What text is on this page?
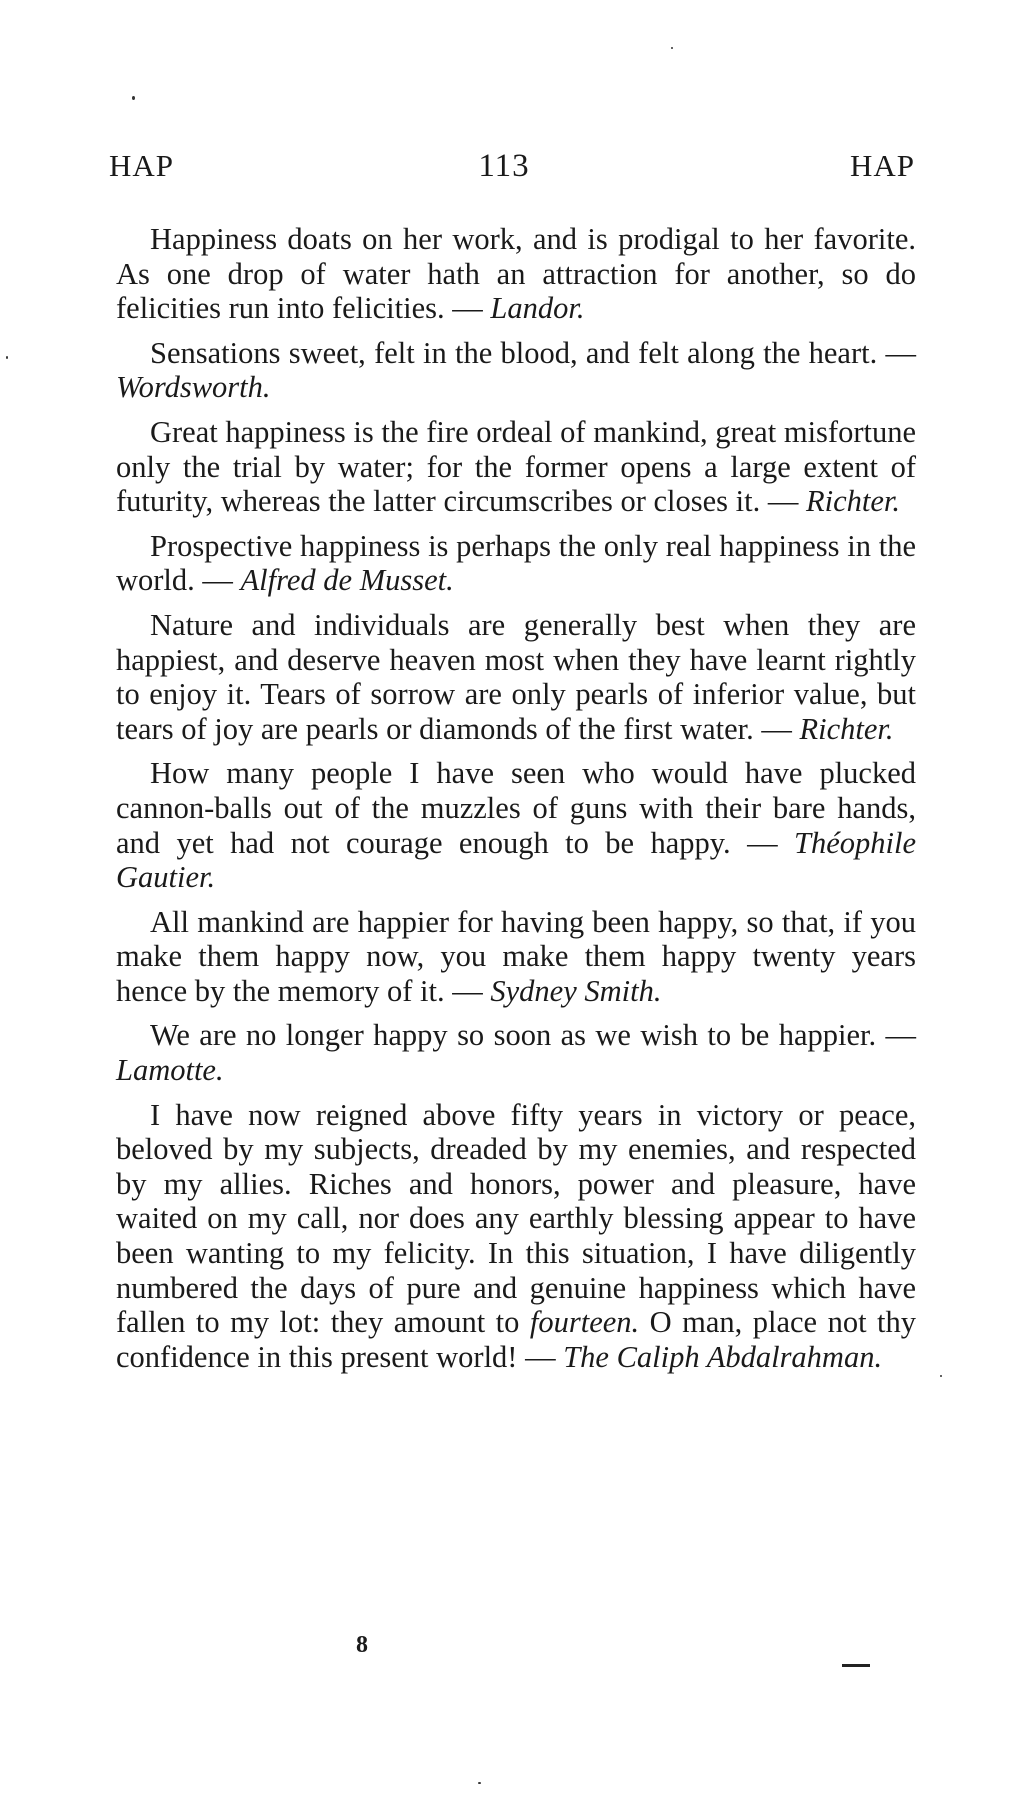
HAP	113	HAP

Happiness doats on her work, and is prodigal to her favorite. As one drop of water hath an attraction for another, so do felicities run into felicities. — Landor.

Sensations sweet, felt in the blood, and felt along the heart. — Wordsworth.

Great happiness is the fire ordeal of mankind, great misfortune only the trial by water; for the former opens a large extent of futurity, whereas the latter circumscribes or closes it. — Richter.

Prospective happiness is perhaps the only real happiness in the world. — Alfred de Musset.

Nature and individuals are generally best when they are happiest, and deserve heaven most when they have learnt rightly to enjoy it. Tears of sorrow are only pearls of inferior value, but tears of joy are pearls or diamonds of the first water. — Richter.

How many people I have seen who would have plucked cannon-balls out of the muzzles of guns with their bare hands, and yet had not courage enough to be happy. — Théophile Gautier.

All mankind are happier for having been happy, so that, if you make them happy now, you make them happy twenty years hence by the memory of it. — Sydney Smith.

We are no longer happy so soon as we wish to be happier. — Lamotte.

I have now reigned above fifty years in victory or peace, beloved by my subjects, dreaded by my enemies, and respected by my allies. Riches and honors, power and pleasure, have waited on my call, nor does any earthly blessing appear to have been wanting to my felicity. In this situation, I have diligently numbered the days of pure and genuine happiness which have fallen to my lot: they amount to fourteen. O man, place not thy confidence in this present world! — The Caliph Abdalrahman.

8
